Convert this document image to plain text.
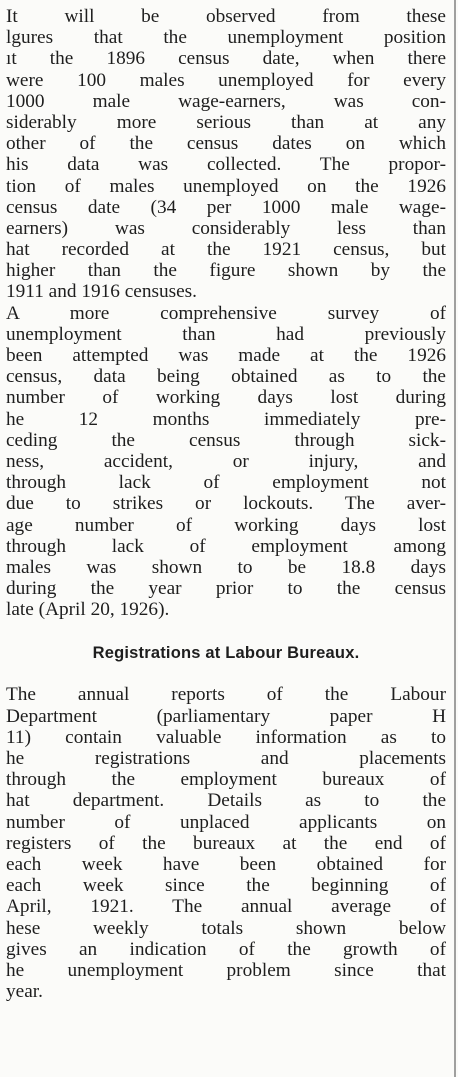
It will be observed from these
lgures that the unemployment position
ıt the 1896 census date, when there
were 100 males unemployed for every
1000 male wage-earners, was con-
siderably more serious than at any
other of the census dates on which
his data was collected. The propor-
tion of males unemployed on the 1926
census date (34 per 1000 male wage-
earners) was considerably less than
hat recorded at the 1921 census, but
higher than the figure shown by the
1911 and 1916 censuses.
A more comprehensive survey of
unemployment than had previously
been attempted was made at the 1926
census, data being obtained as to the
number of working days lost during
he 12 months immediately pre-
ceding the census through sick-
ness, accident, or injury, and
through lack of employment not
due to strikes or lockouts. The aver-
age number of working days lost
through lack of employment among
males was shown to be 18.8 days
during the year prior to the census
late (April 20, 1926).
Registrations at Labour Bureaux.
The annual reports of the Labour
Department (parliamentary paper H
11) contain valuable information as to
he registrations and placements
through the employment bureaux of
hat department. Details as to the
number of unplaced applicants on
registers of the bureaux at the end of
each week have been obtained for
each week since the beginning of
April, 1921. The annual average of
hese weekly totals shown below
gives an indication of the growth of
he unemployment problem since that
year.
